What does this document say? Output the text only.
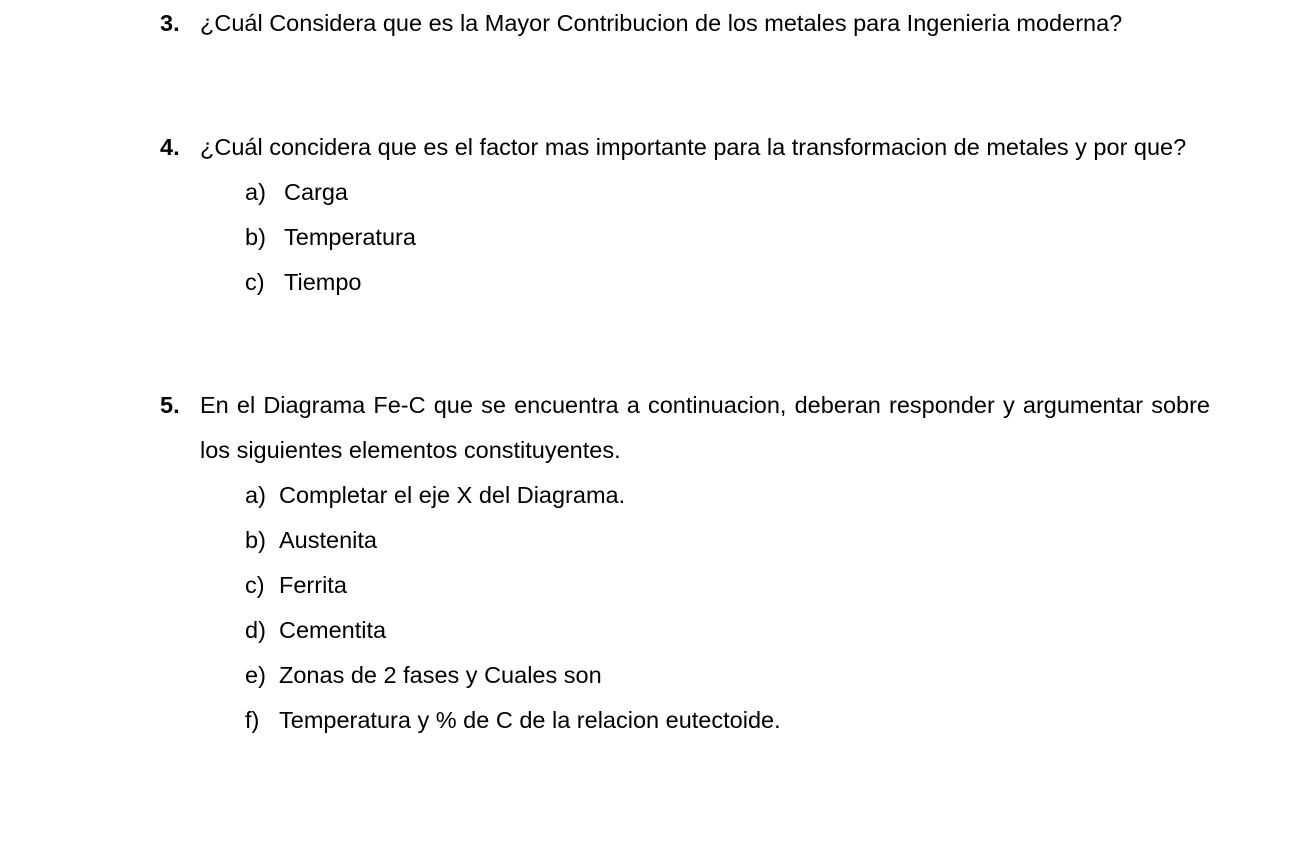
3. ¿Cuál Considera que es la Mayor Contribucion de los metales para Ingenieria moderna?
4. ¿Cuál concidera que es el factor mas importante para la transformacion de metales y por que?
a) Carga
b) Temperatura
c) Tiempo
5. En el Diagrama Fe-C que se encuentra a continuacion, deberan responder y argumentar sobre los siguientes elementos constituyentes.
a) Completar el eje X del Diagrama.
b) Austenita
c) Ferrita
d) Cementita
e) Zonas de 2 fases y Cuales son
f) Temperatura y % de C de la relacion eutectoide.
